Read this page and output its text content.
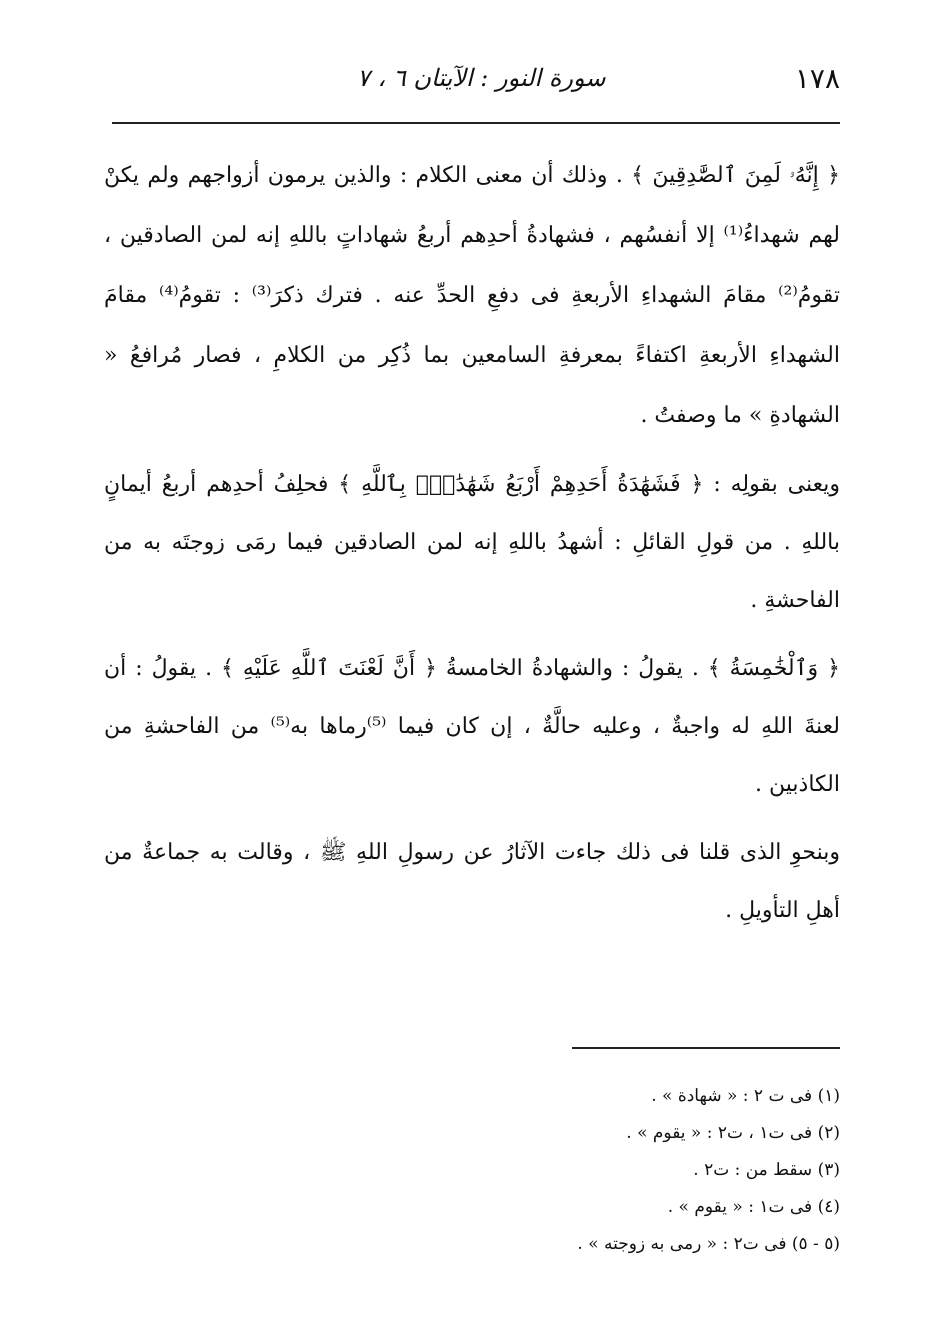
١٧٨
سورة النور : الآيتان ٦ ، ٧

﴿ إِنَّهُۥ لَمِنَ ٱلصَّٰدِقِينَ ﴾ . وذلك أن معنى الكلام : والذين يرمون أزواجهم ولم يكنْ لهم شهداءُ⁽¹⁾ إلا أنفسُهم ، فشهادةُ أحدِهم أربعُ شهاداتٍ باللهِ إنه لمن الصادقين ، تقومُ⁽²⁾ مقامَ الشهداءِ الأربعةِ فى دفعِ الحدِّ عنه . فترك ذكرَ⁽³⁾ : تقومُ⁽⁴⁾ مقامَ الشهداءِ الأربعةِ اكتفاءً بمعرفةِ السامعين بما ذُكِر من الكلامِ ، فصار مُرافعُ « الشهادةِ » ما وصفتُ .

ويعنى بقولِه : ﴿ فَشَهَٰدَةُ أَحَدِهِمْ أَرْبَعُ شَهَٰدَٰتٍۭ بِٱللَّهِ ﴾ فحلِفُ أحدِهم أربعُ أيمانٍ باللهِ . من قولِ القائلِ : أشهدُ باللهِ إنه لمن الصادقين فيما رمَى زوجتَه به من الفاحشةِ .

﴿ وَٱلْخَٰمِسَةُ ﴾ . يقولُ : والشهادةُ الخامسةُ ﴿ أَنَّ لَعْنَتَ ٱللَّهِ عَلَيْهِ ﴾ . يقولُ : أن لعنةَ اللهِ له واجبةٌ ، وعليه حالَّةٌ ، إن كان فيما ⁽⁵⁾رماها به⁽⁵⁾ من الفاحشةِ من الكاذبين .

وبنحوِ الذى قلنا فى ذلك جاءت الآثارُ عن رسولِ اللهِ ﷺ ، وقالت به جماعةٌ من أهلِ التأويلِ .

(١) فى ت ٢ : « شهادة » .
(٢) فى ت١ ، ت٢ : « يقوم » .
(٣) سقط من : ت٢ .
(٤) فى ت١ : « يقوم » .
(٥ - ٥) فى ت٢ : « رمى به زوجته » .
